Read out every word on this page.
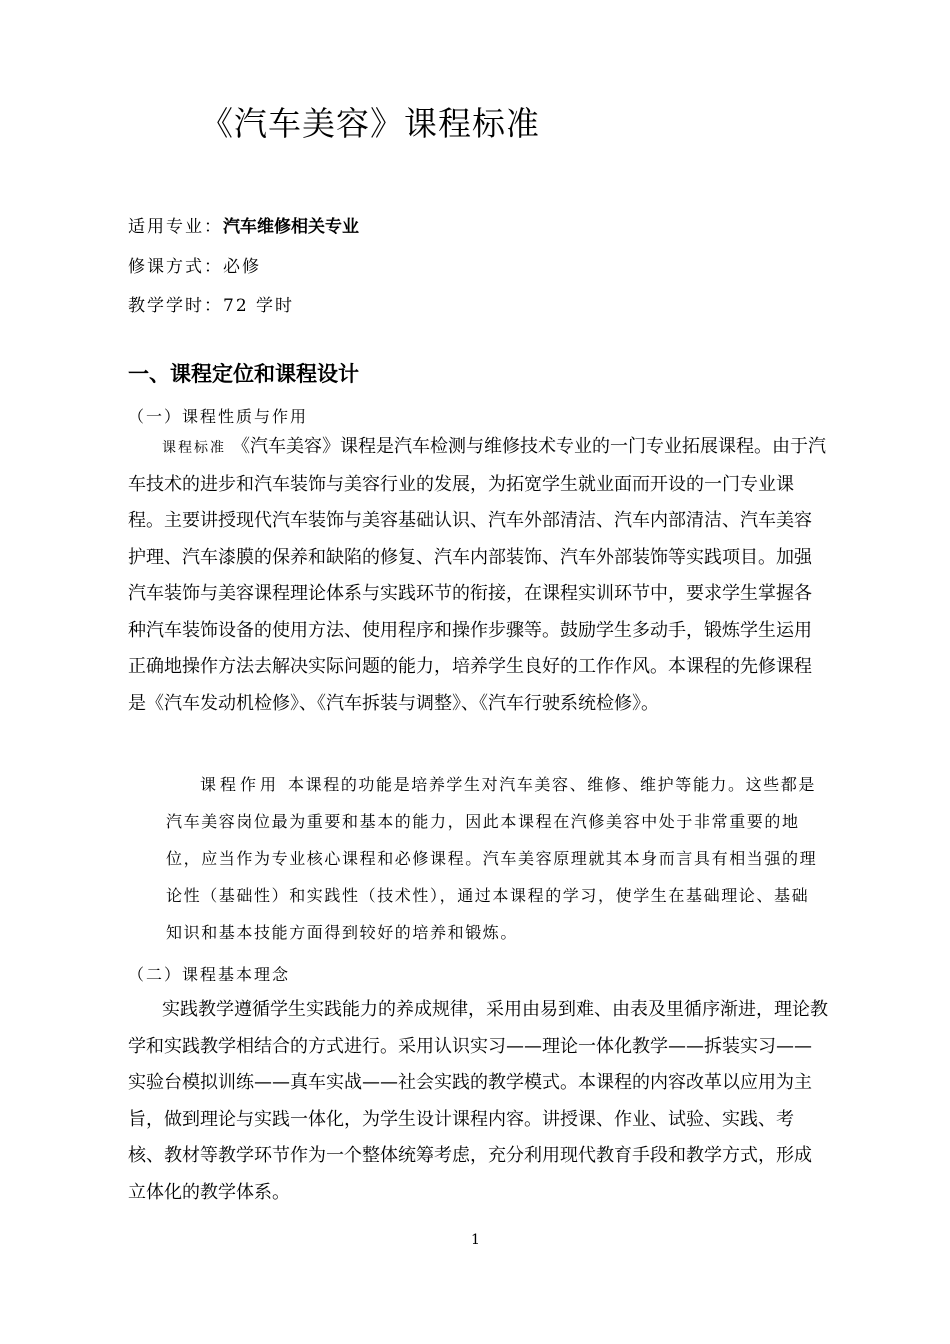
《汽车美容》课程标准
适用专业：汽车维修相关专业
修课方式：必修
教学学时：72 学时
一、课程定位和课程设计
（一）课程性质与作用
课程标准 《汽车美容》课程是汽车检测与维修技术专业的一门专业拓展课程。由于汽车技术的进步和汽车装饰与美容行业的发展，为拓宽学生就业面而开设的一门专业课程。主要讲授现代汽车装饰与美容基础认识、汽车外部清洁、汽车内部清洁、汽车美容护理、汽车漆膜的保养和缺陷的修复、汽车内部装饰、汽车外部装饰等实践项目。加强汽车装饰与美容课程理论体系与实践环节的衔接，在课程实训环节中，要求学生掌握各种汽车装饰设备的使用方法、使用程序和操作步骤等。鼓励学生多动手，锻炼学生运用正确地操作方法去解决实际问题的能力，培养学生良好的工作作风。本课程的先修课程是《汽车发动机检修》、《汽车拆装与调整》、《汽车行驶系统检修》。
课程作用 本课程的功能是培养学生对汽车美容、维修、维护等能力。这些都是汽车美容岗位最为重要和基本的能力，因此本课程在汽修美容中处于非常重要的地位，应当作为专业核心课程和必修课程。汽车美容原理就其本身而言具有相当强的理论性（基础性）和实践性（技术性），通过本课程的学习，使学生在基础理论、基础知识和基本技能方面得到较好的培养和锻炼。
（二）课程基本理念
实践教学遵循学生实践能力的养成规律，采用由易到难、由表及里循序渐进，理论教学和实践教学相结合的方式进行。采用认识实习——理论一体化教学——拆装实习——实验台模拟训练——真车实战——社会实践的教学模式。本课程的内容改革以应用为主旨，做到理论与实践一体化，为学生设计课程内容。讲授课、作业、试验、实践、考核、教材等教学环节作为一个整体统筹考虑，充分利用现代教育手段和教学方式，形成立体化的教学体系。
1
